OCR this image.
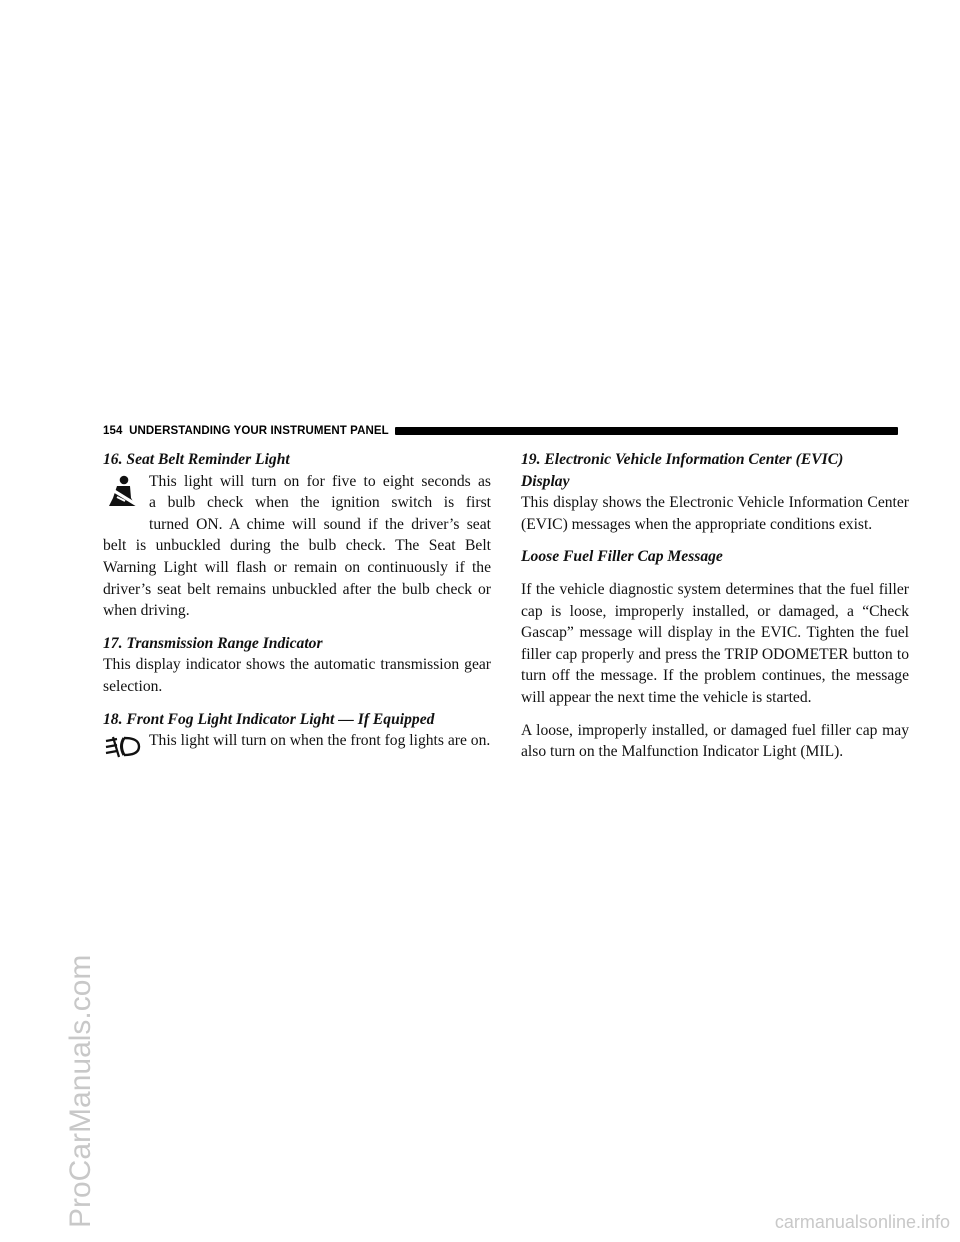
ProCarManuals.com	carmanualsonline.info
154 UNDERSTANDING YOUR INSTRUMENT PANEL

16. Seat Belt Reminder Light

This light will turn on for five to eight seconds as
a bulb check when the ignition switch is first
turned ON. A chime will sound if the driver’s seat

belt is unbuckled during the bulb check. The Seat Belt Warning Light will flash or remain on continuously if the driver’s seat belt remains unbuckled after the bulb check or when driving.

17. Transmission Range Indicator

This display indicator shows the automatic transmission gear selection.

18. Front Fog Light Indicator Light — If Equipped

This light will turn on when the front fog lights are on.

19. Electronic Vehicle Information Center (EVIC)

Display

This display shows the Electronic Vehicle Information Center (EVIC) messages when the appropriate conditions exist.

Loose Fuel Filler Cap Message

If the vehicle diagnostic system determines that the fuel filler cap is loose, improperly installed, or damaged, a “Check Gascap” message will display in the EVIC. Tighten the fuel filler cap properly and press the TRIP ODOMETER button to turn off the message. If the problem continues, the message will appear the next time the vehicle is started.

A loose, improperly installed, or damaged fuel filler cap may also turn on the Malfunction Indicator Light (MIL).
